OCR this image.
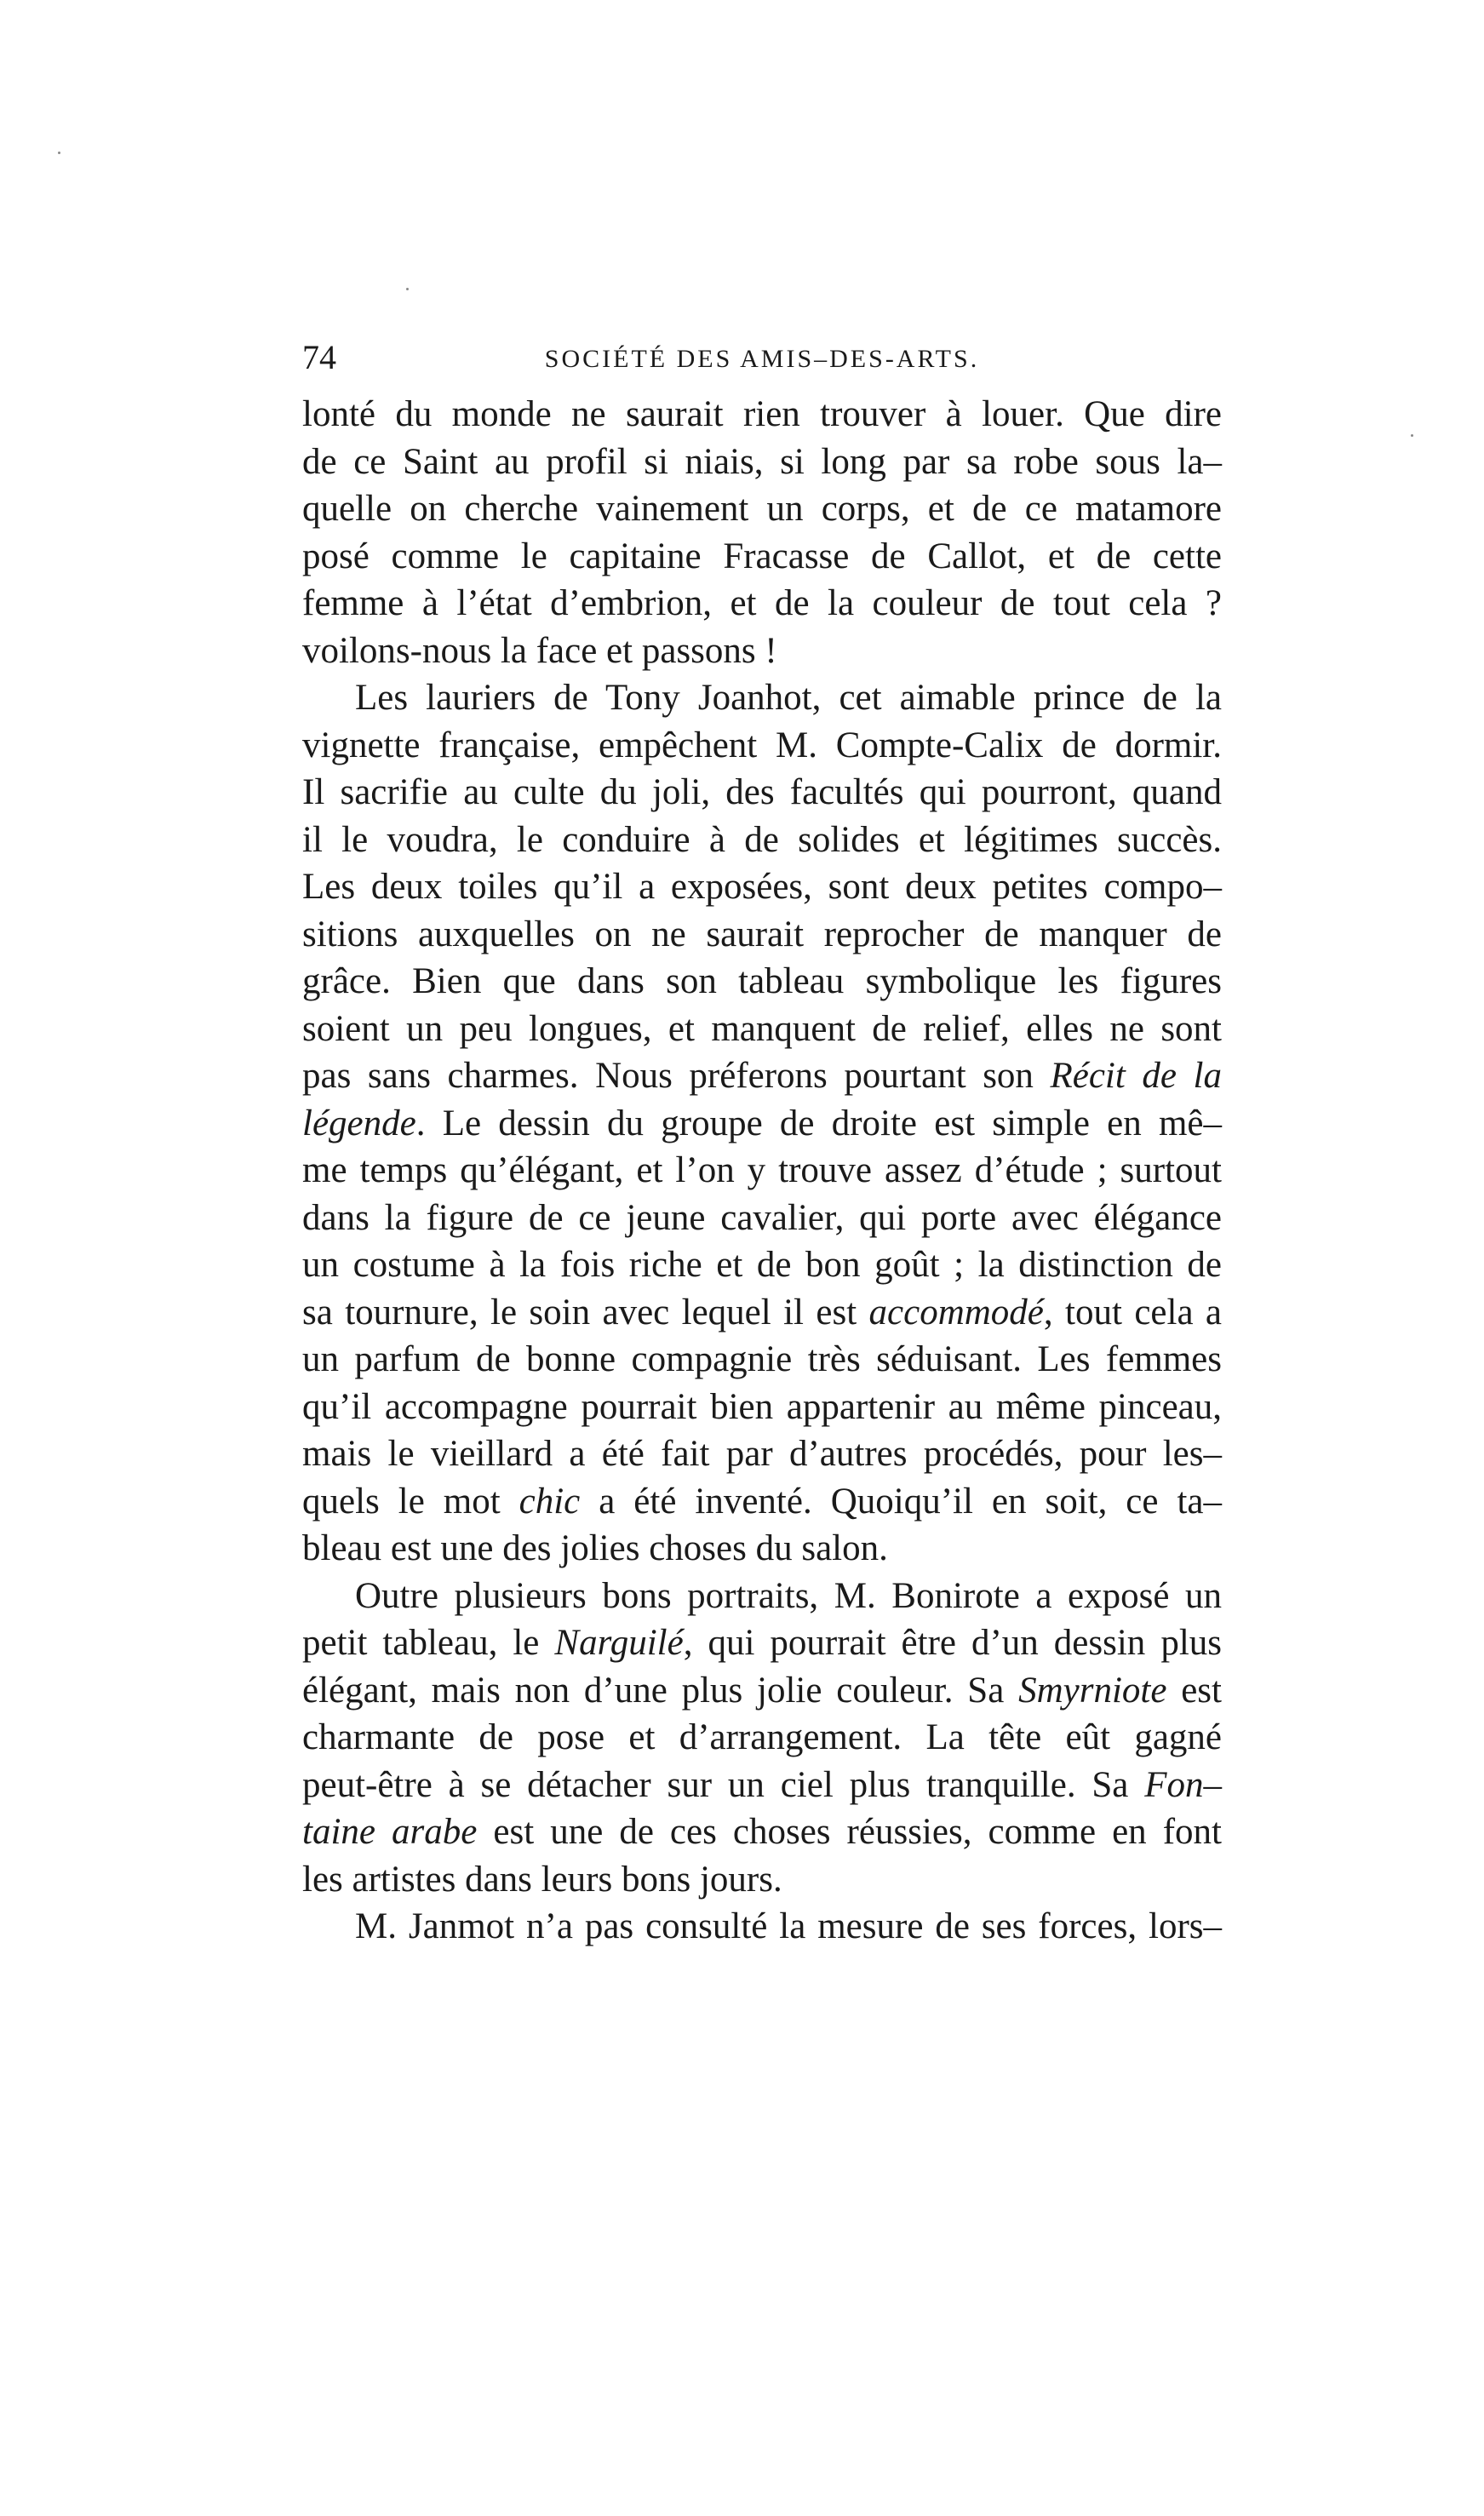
74	SOCIÉTÉ DES AMIS–DES-ARTS.
lonté du monde ne saurait rien trouver à louer. Que dire
de ce Saint au profil si niais, si long par sa robe sous la–
quelle on cherche vainement un corps, et de ce matamore
posé comme le capitaine Fracasse de Callot, et de cette
femme à l’état d’embrion, et de la couleur de tout cela ?
voilons-nous la face et passons !
Les lauriers de Tony Joanhot, cet aimable prince de la
vignette française, empêchent M. Compte-Calix de dormir.
Il sacrifie au culte du joli, des facultés qui pourront, quand
il le voudra, le conduire à de solides et légitimes succès.
Les deux toiles qu’il a exposées, sont deux petites compo–
sitions auxquelles on ne saurait reprocher de manquer de
grâce. Bien que dans son tableau symbolique les figures
soient un peu longues, et manquent de relief, elles ne sont
pas sans charmes. Nous préferons pourtant son Récit de la
légende. Le dessin du groupe de droite est simple en mê–
me temps qu’élégant, et l’on y trouve assez d’étude ; surtout
dans la figure de ce jeune cavalier, qui porte avec élégance
un costume à la fois riche et de bon goût ; la distinction de
sa tournure, le soin avec lequel il est accommodé, tout cela a
un parfum de bonne compagnie très séduisant. Les femmes
qu’il accompagne pourrait bien appartenir au même pinceau,
mais le vieillard a été fait par d’autres procédés, pour les–
quels le mot chic a été inventé. Quoiqu’il en soit, ce ta–
bleau est une des jolies choses du salon.
Outre plusieurs bons portraits, M. Bonirote a exposé un
petit tableau, le Narguilé, qui pourrait être d’un dessin plus
élégant, mais non d’une plus jolie couleur. Sa Smyrniote est
charmante de pose et d’arrangement. La tête eût gagné
peut-être à se détacher sur un ciel plus tranquille. Sa Fon–
taine arabe est une de ces choses réussies, comme en font
les artistes dans leurs bons jours.
M. Janmot n’a pas consulté la mesure de ses forces, lors–
